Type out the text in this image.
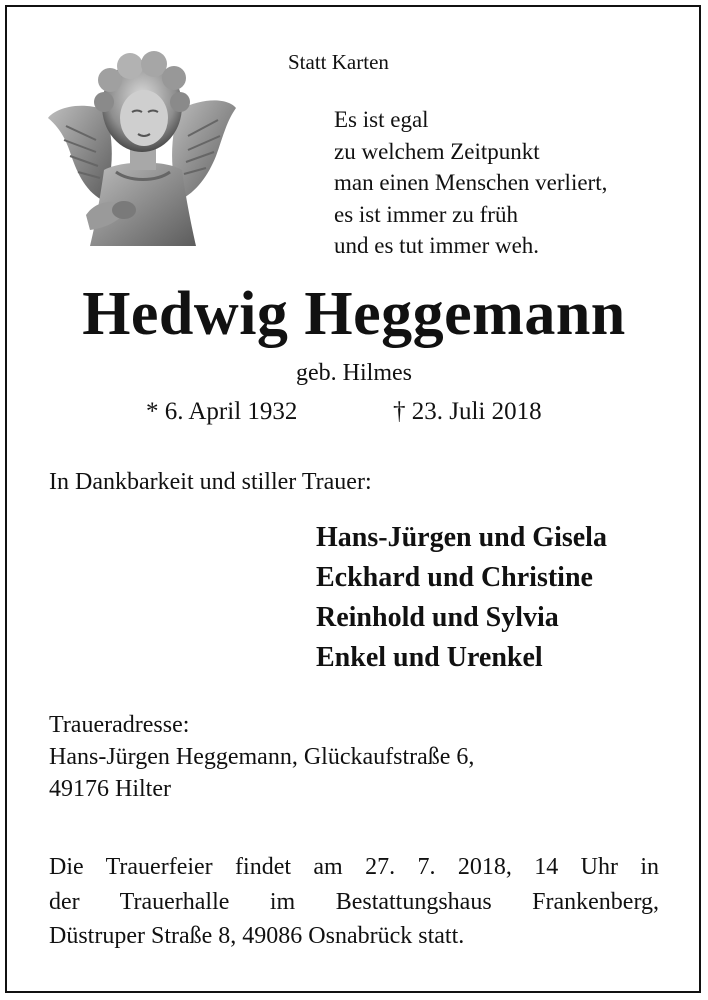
Statt Karten
Es ist egal
zu welchem Zeitpunkt
man einen Menschen verliert,
es ist immer zu früh
und es tut immer weh.
Hedwig Heggemann
geb. Hilmes
* 6. April 1932	† 23. Juli 2018
In Dankbarkeit und stiller Trauer:
Hans-Jürgen und Gisela
Eckhard und Christine
Reinhold und Sylvia
Enkel und Urenkel
Traueradresse:
Hans-Jürgen Heggemann, Glückaufstraße 6,
49176 Hilter
Die Trauerfeier findet am 27. 7. 2018, 14 Uhr in
der Trauerhalle im Bestattungshaus Frankenberg,
Düstruper Straße 8, 49086 Osnabrück statt.
